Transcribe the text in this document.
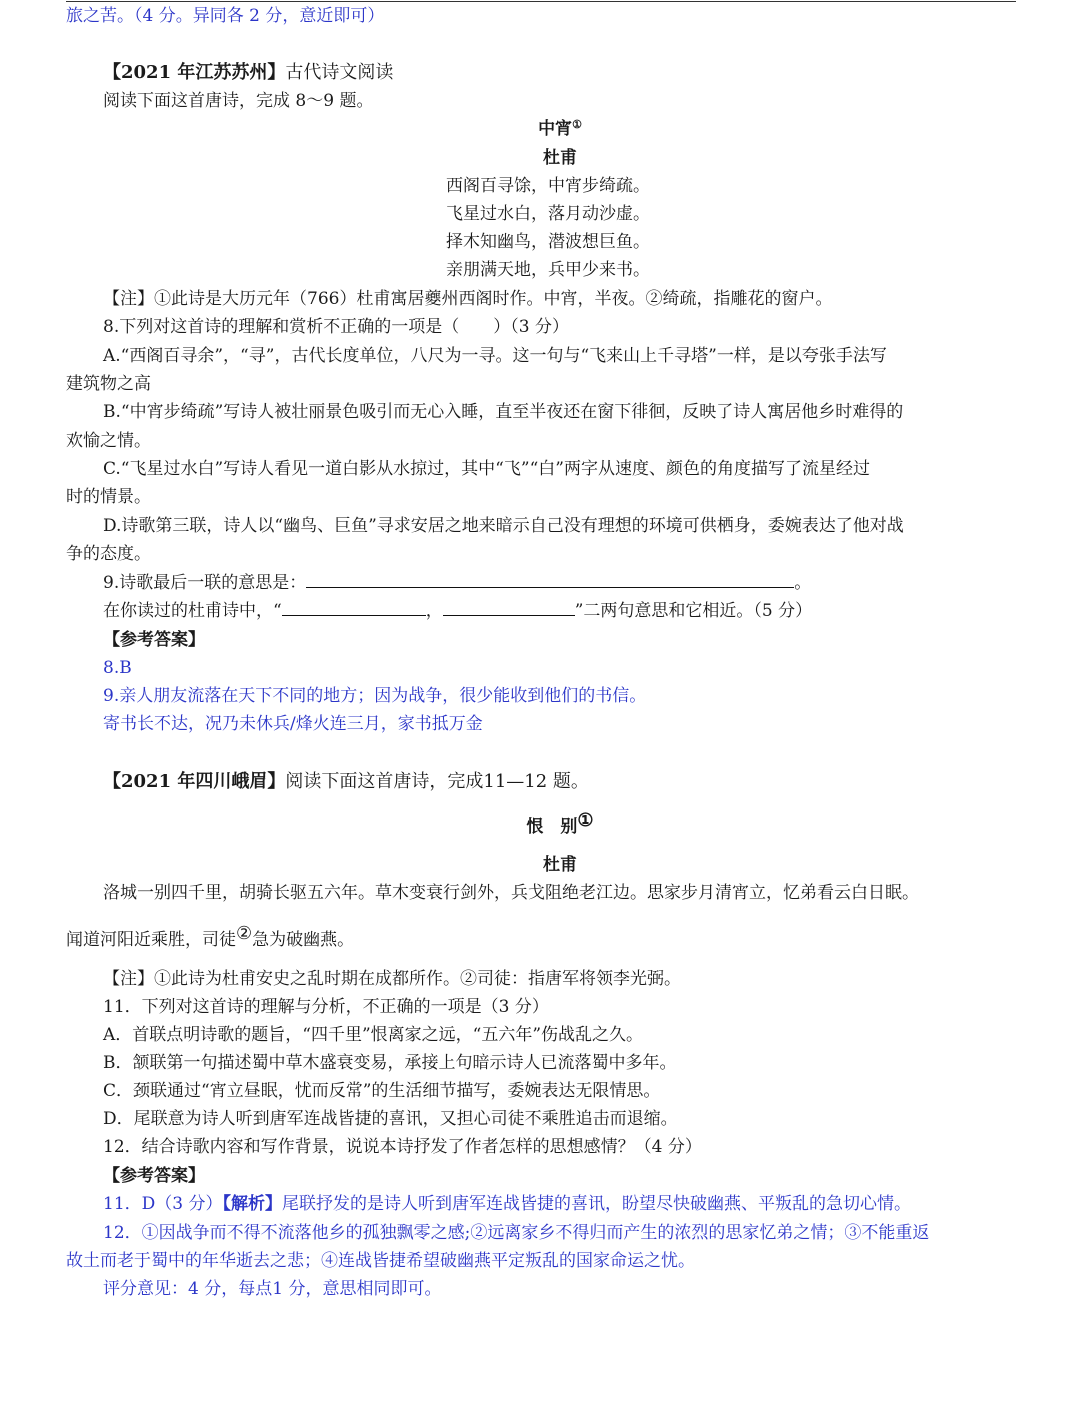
旅之苦。（4 分。异同各 2 分，意近即可）
【2021 年江苏苏州】古代诗文阅读
阅读下面这首唐诗，完成 8～9 题。
中宵①
杜甫
西阁百寻馀，中宵步绮疏。
飞星过水白，落月动沙虚。
择木知幽鸟，潜波想巨鱼。
亲朋满天地，兵甲少来书。
【注】①此诗是大历元年（766）杜甫寓居夔州西阁时作。中宵，半夜。②绮疏，指雕花的窗户。
8.下列对这首诗的理解和赏析不正确的一项是（　　）（3 分）
A.“西阁百寻余”，“寻”，古代长度单位，八尺为一寻。这一句与“飞来山上千寻塔”一样，是以夸张手法写
建筑物之高
B.“中宵步绮疏”写诗人被壮丽景色吸引而无心入睡，直至半夜还在窗下徘徊，反映了诗人寓居他乡时难得的
欢愉之情。
C.“飞星过水白”写诗人看见一道白影从水掠过，其中“飞”“白”两字从速度、颜色的角度描写了流星经过
时的情景。
D.诗歌第三联，诗人以“幽鸟、巨鱼”寻求安居之地来暗示自己没有理想的环境可供栖身，委婉表达了他对战
争的态度。
9.诗歌最后一联的意思是：	。
在你读过的杜甫诗中，“	，	”二两句意思和它相近。（5 分）
【参考答案】
8.B
9.亲人朋友流落在天下不同的地方；因为战争，很少能收到他们的书信。
寄书长不达，况乃未休兵/烽火连三月，家书抵万金
【2021 年四川峨眉】阅读下面这首唐诗，完成11—12 题。
恨　别①
杜甫
洛城一别四千里，胡骑长驱五六年。草木变衰行剑外，兵戈阻绝老江边。思家步月清宵立，忆弟看云白日眠。
闻道河阳近乘胜，司徒②急为破幽燕。
【注】①此诗为杜甫安史之乱时期在成都所作。②司徒：指唐军将领李光弼。
11．下列对这首诗的理解与分析，不正确的一项是（3 分）
A．首联点明诗歌的题旨，“四千里”恨离家之远，“五六年”伤战乱之久。
B．颔联第一句描述蜀中草木盛衰变易，承接上句暗示诗人已流落蜀中多年。
C．颈联通过“宵立昼眠，忧而反常”的生活细节描写，委婉表达无限情思。
D．尾联意为诗人听到唐军连战皆捷的喜讯，又担心司徒不乘胜追击而退缩。
12．结合诗歌内容和写作背景，说说本诗抒发了作者怎样的思想感情？（4 分）
【参考答案】
11．D（3 分）【解析】尾联抒发的是诗人听到唐军连战皆捷的喜讯，盼望尽快破幽燕、平叛乱的急切心情。
12．①因战争而不得不流落他乡的孤独飘零之感;②远离家乡不得归而产生的浓烈的思家忆弟之情；③不能重返
故土而老于蜀中的年华逝去之悲；④连战皆捷希望破幽燕平定叛乱的国家命运之忧。
评分意见：4 分，每点1 分，意思相同即可。
